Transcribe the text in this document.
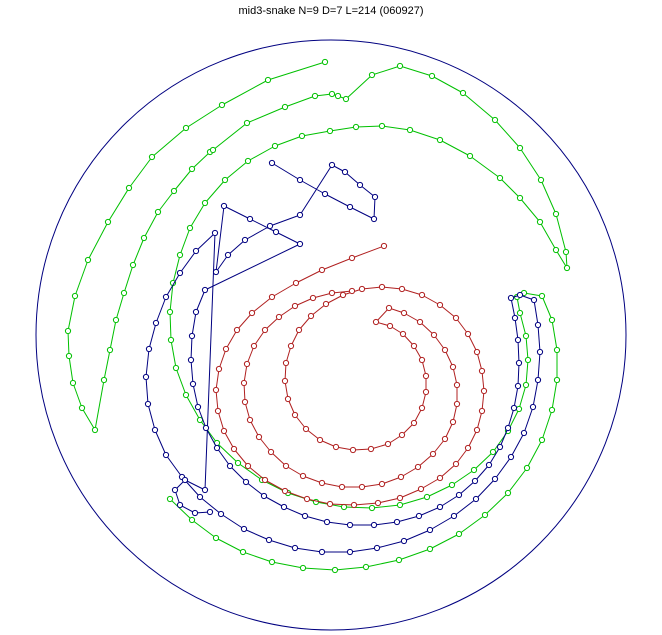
mid3-snake N=9 D=7 L=214 (060927)
